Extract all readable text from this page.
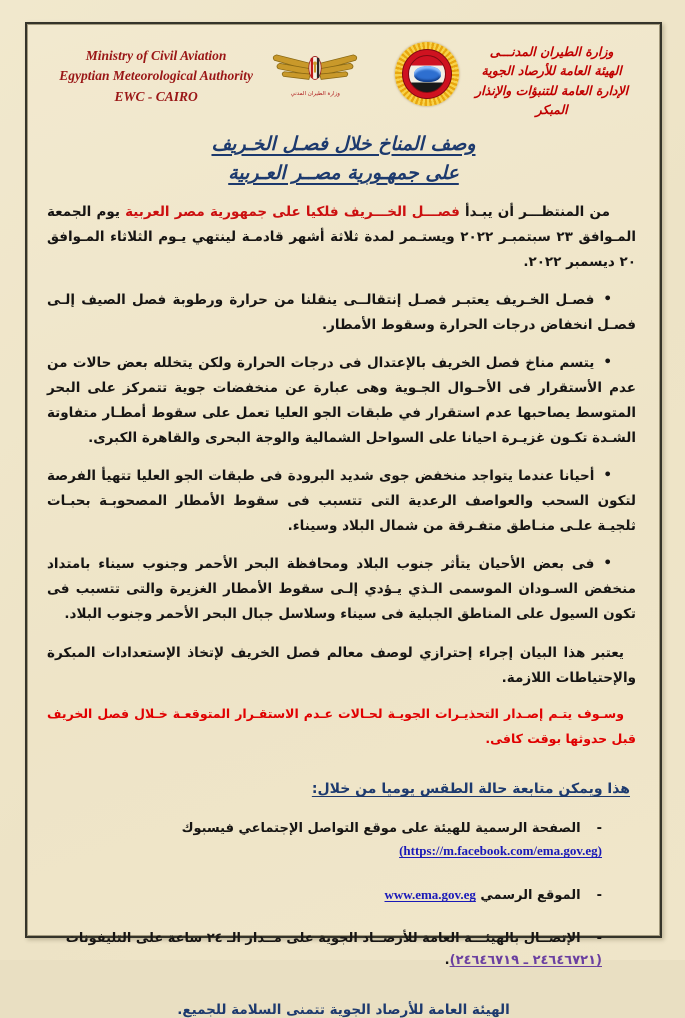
Ministry of Civil Aviation
Egyptian Meteorological Authority
EWC - CAIRO	وزارة الطيران المدني
وزارة الطيران المدنـــى
الهيئة العامة للأرصاد الجوية
الإدارة العامة للتنبؤات والإنذار المبكر
وصف المناخ خلال فصـل الخـريف
على جمهـورية مصــر العـربية
من المنتظـــر أن يبـدأ فصـــل الخـــريف فلكيا على جمهورية مصر العربية يوم الجمعة المـوافق ٢٣ سبتمبـر ٢٠٢٢ ويستـمر لمدة ثلاثة أشهر قادمـة لينتهي يـوم الثلاثاء المـوافق ٢٠ ديسمبر ٢٠٢٢.
•فصـل الخـريف يعتبـر فصـل إنتقالــى ينقلنا من حرارة ورطوبة فصل الصيف إلـى فصـل انخفاض درجات الحرارة وسقوط الأمطار.
•يتسم مناخ فصل الخريف بالإعتدال فى درجات الحرارة ولكن يتخلله بعض حالات من عدم الأستقرار فى الأحـوال الجـوية وهى عبارة عن منخفضات جوية تتمركز على البحر المتوسط يصاحبها عدم استقرار في طبقات الجو العليا تعمل على سقوط أمطـار متفاوتة الشـدة تكـون غزيـرة احيانا على السواحل الشمالية والوجة البحرى والقاهرة الكبرى.
•أحيانا عندما يتواجد منخفض جوى شديد البرودة فى طبقات الجو العليا تتهيأ الفرصة لتكون السحب والعواصف الرعدية التى تتسبب فى سقوط الأمطار المصحوبـة بحبـات ثلجيـة علـى منـاطق متفـرقة من شمال البلاد وسيناء.
•فى بعض الأحيان يتأثر جنوب البلاد ومحافظة البحر الأحمر وجنوب سيناء بامتداد منخفض السـودان الموسمى الـذي يـؤدي إلـى سقوط الأمطار الغزيرة والتى تتسبب فى تكون السيول على المناطق الجبلية فى سيناء وسلاسل جبال البحر الأحمر وجنوب البلاد.
يعتبر هذا البيان إجراء إحترازي لوصف معالم فصل الخريف لإتخاذ الإستعدادات المبكرة والإحتياطات اللازمة.
وسـوف يتـم إصـدار التحذيـرات الجويـة لحـالات عـدم الاستقـرار المتوقعـة خـلال فصل الخريف قبل حدوثها بوقت كافى.
هذا ويمكن متابعة حالة الطقس يوميا من خلال:
-الصفحة الرسمية للهيئة على موقع التواصل الإجتماعي فيسبوك (https://m.facebook.com/ema.gov.eg)
-الموقع الرسمي www.ema.gov.eg
-الإتصــال بالهيئـــة العامة للأرصــاد الجوية على مــدار الـ ٢٤ ساعة على التليفونات (٢٤٦٤٦٧٢١ ـ ٢٤٦٤٦٧١٩).
الهيئة العامة للأرصاد الجوية تتمنى السلامة للجميع.
